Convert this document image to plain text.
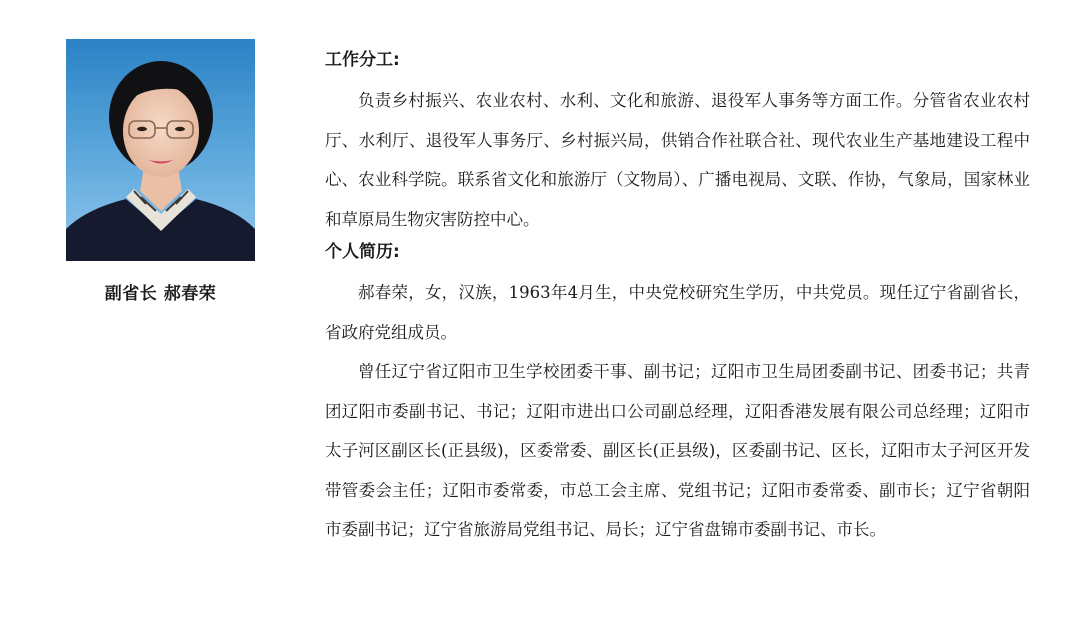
副省长 郝春荣

工作分工:

负责乡村振兴、农业农村、水利、文化和旅游、退役军人事务等方面工作。分管省农业农村厅、水利厅、退役军人事务厅、乡村振兴局，供销合作社联合社、现代农业生产基地建设工程中心、农业科学院。联系省文化和旅游厅（文物局）、广播电视局、文联、作协，气象局，国家林业和草原局生物灾害防控中心。

个人简历:

郝春荣，女，汉族，1963年4月生，中央党校研究生学历，中共党员。现任辽宁省副省长，省政府党组成员。

曾任辽宁省辽阳市卫生学校团委干事、副书记；辽阳市卫生局团委副书记、团委书记；共青团辽阳市委副书记、书记；辽阳市进出口公司副总经理，辽阳香港发展有限公司总经理；辽阳市太子河区副区长(正县级)，区委常委、副区长(正县级)，区委副书记、区长，辽阳市太子河区开发带管委会主任；辽阳市委常委，市总工会主席、党组书记；辽阳市委常委、副市长；辽宁省朝阳市委副书记；辽宁省旅游局党组书记、局长；辽宁省盘锦市委副书记、市长。
